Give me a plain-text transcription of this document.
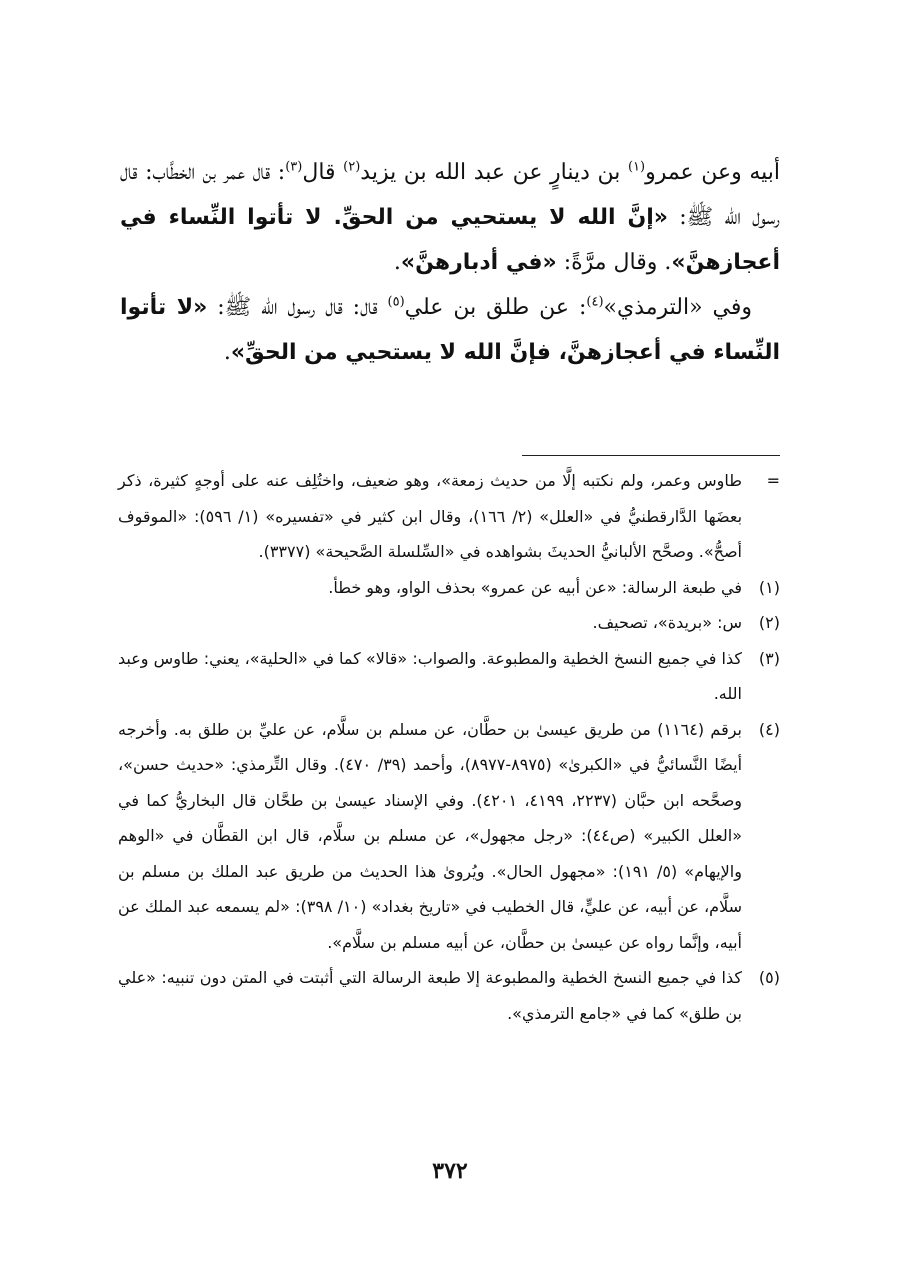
أبيه وعن عمرو$^{(١)}$ بن دينارٍ عن عبد الله بن يزيد$^{(٢)}$ قال$^{(٣)}$: قال عمر بن الخطَّاب: قال رسول الله ﷺ: «إنَّ الله لا يستحيي من الحقِّ. لا تأتوا النِّساء في أعجازهنَّ». وقال مرَّةً: «في أدبارهنَّ».

وفي «الترمذي»$^{(٤)}$: عن طلق بن علي$^{(٥)}$ قال: قال رسول الله ﷺ: «لا تأتوا النِّساء في أعجازهنَّ، فإنَّ الله لا يستحيي من الحقِّ».

=
طاوس وعمر، ولم نكتبه إلَّا من حديث زمعة»، وهو ضعيف، واختُلِف عنه على أوجهٍ كثيرة، ذكر بعضَها الدَّارقطنيُّ في «العلل» (٢/ ١٦٦)، وقال ابن كثير في «تفسيره» (١/ ٥٩٦): «الموقوف أصحُّ». وصحَّح الألبانيُّ الحديثَ بشواهده في «السِّلسلة الصَّحيحة» (٣٣٧٧).

(١)
في طبعة الرسالة: «عن أبيه عن عمرو» بحذف الواو، وهو خطأ.

(٢)
س: «بريدة»، تصحيف.

(٣)
كذا في جميع النسخ الخطية والمطبوعة. والصواب: «قالا» كما في «الحلية»، يعني: طاوس وعبد الله.

(٤)
برقم (١١٦٤) من طريق عيسىٰ بن حطَّان، عن مسلم بن سلَّام، عن عليِّ بن طلق به. وأخرجه أيضًا النَّسائيُّ في «الكبرىٰ» (٨٩٧٥-٨٩٧٧)، وأحمد (٣٩/ ٤٧٠). وقال التِّرمذي: «حديث حسن»، وصحَّحه ابن حبَّان (٢٢٣٧، ٤١٩٩، ٤٢٠١). وفي الإسناد عيسىٰ بن طحَّان قال البخاريُّ كما في «العلل الكبير» (ص٤٤): «رجل مجهول»، عن مسلم بن سلَّام، قال ابن القطَّان في «الوهم والإيهام» (٥/ ١٩١): «مجهول الحال». ويُروىٰ هذا الحديث من طريق عبد الملك بن مسلم بن سلَّام، عن أبيه، عن عليٍّ، قال الخطيب في «تاريخ بغداد» (١٠/ ٣٩٨): «لم يسمعه عبد الملك عن أبيه، وإنَّما رواه عن عيسىٰ بن حطَّان، عن أبيه مسلم بن سلَّام».

(٥)
كذا في جميع النسخ الخطية والمطبوعة إلا طبعة الرسالة التي أثبتت في المتن دون تنبيه: «علي بن طلق» كما في «جامع الترمذي».

٣٧٢
